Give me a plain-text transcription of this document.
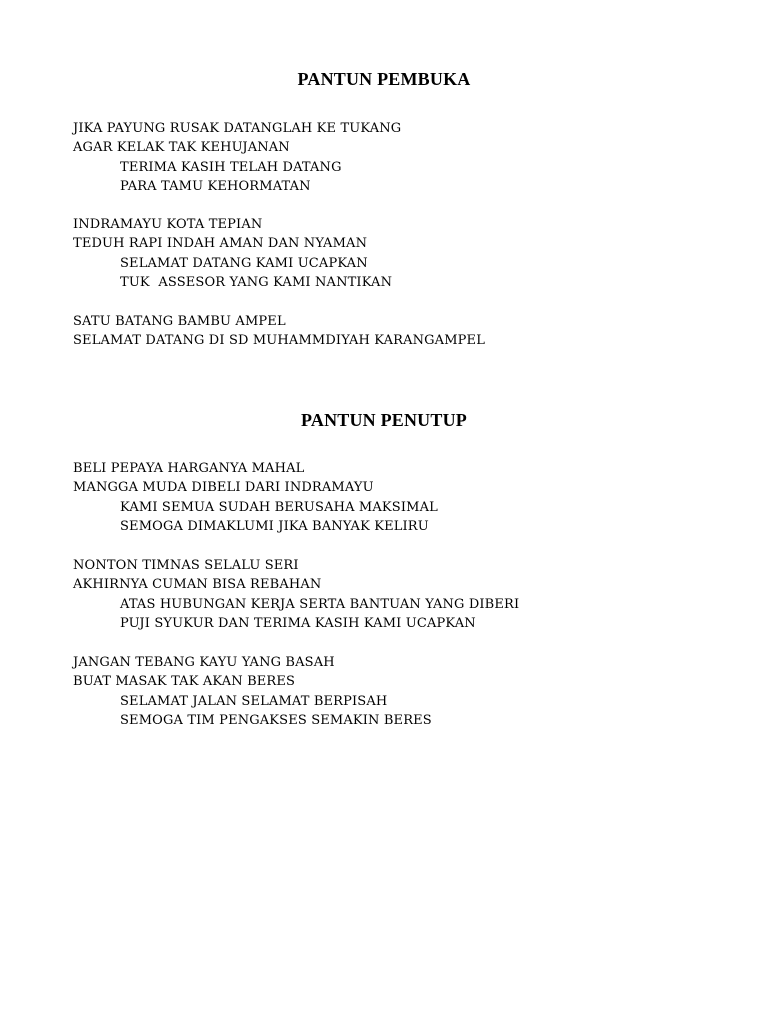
PANTUN PEMBUKA
JIKA PAYUNG RUSAK DATANGLAH KE TUKANG
AGAR KELAK TAK KEHUJANAN
TERIMA KASIH TELAH DATANG
PARA TAMU KEHORMATAN
INDRAMAYU KOTA TEPIAN
TEDUH RAPI INDAH AMAN DAN NYAMAN
SELAMAT DATANG KAMI UCAPKAN
TUK  ASSESOR YANG KAMI NANTIKAN
SATU BATANG BAMBU AMPEL
SELAMAT DATANG DI SD MUHAMMDIYAH KARANGAMPEL
PANTUN PENUTUP
BELI PEPAYA HARGANYA MAHAL
MANGGA MUDA DIBELI DARI INDRAMAYU
KAMI SEMUA SUDAH BERUSAHA MAKSIMAL
SEMOGA DIMAKLUMI JIKA BANYAK KELIRU
NONTON TIMNAS SELALU SERI
AKHIRNYA CUMAN BISA REBAHAN
ATAS HUBUNGAN KERJA SERTA BANTUAN YANG DIBERI
PUJI SYUKUR DAN TERIMA KASIH KAMI UCAPKAN
JANGAN TEBANG KAYU YANG BASAH
BUAT MASAK TAK AKAN BERES
SELAMAT JALAN SELAMAT BERPISAH
SEMOGA TIM PENGAKSES SEMAKIN BERES
